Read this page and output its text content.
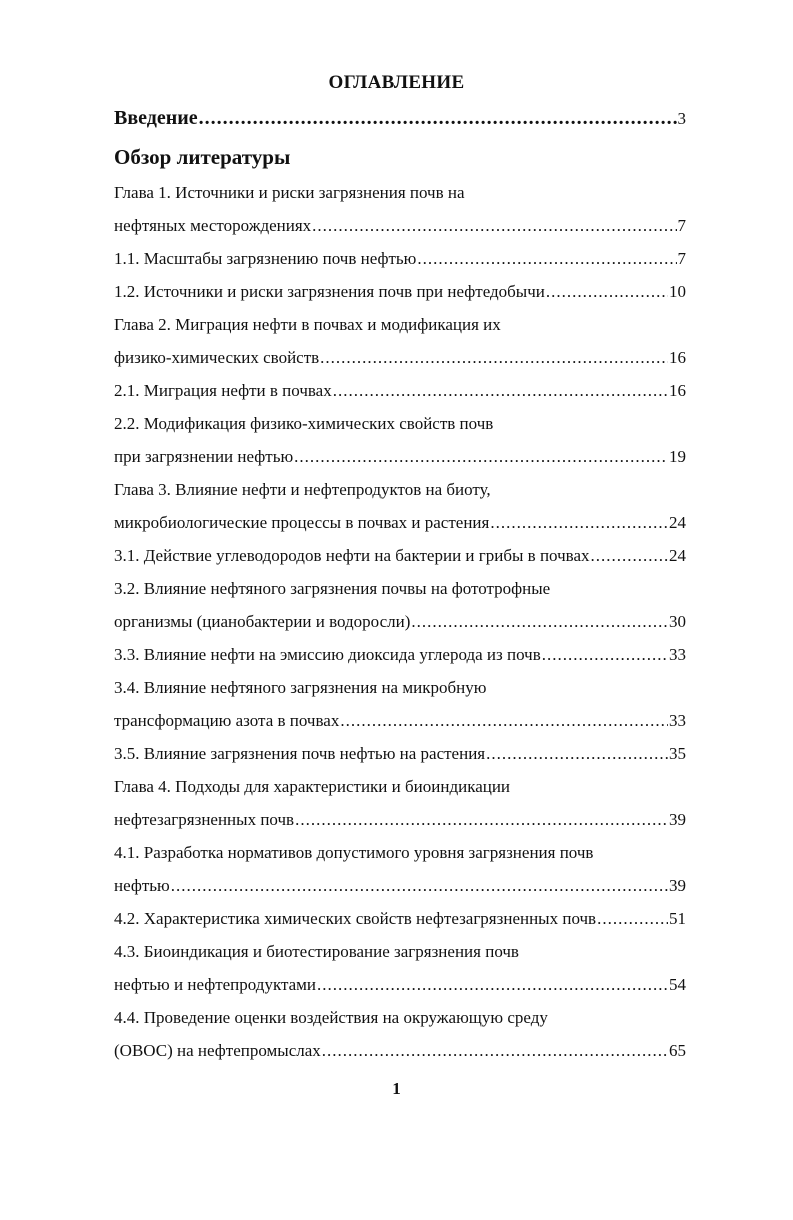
ОГЛАВЛЕНИЕ
Введение .....	3
Обзор литературы
Глава 1. Источники и риски загрязнения почв на
нефтяных месторождениях .....	7
1.1. Масштабы загрязнению почв нефтью .....	7
1.2. Источники и риски загрязнения почв при нефтедобычи .....	10
Глава 2. Миграция нефти в почвах и модификация их
физико-химических свойств .....	16
2.1. Миграция нефти в почвах .....	16
2.2. Модификация физико-химических свойств почв
при загрязнении нефтью .....	19
Глава 3. Влияние нефти и нефтепродуктов на биоту,
микробиологические процессы в почвах и растения .....	24
3.1. Действие углеводородов нефти на бактерии и грибы в почвах .....	24
3.2. Влияние нефтяного загрязнения почвы на фототрофные
организмы (цианобактерии и водоросли) .....	30
3.3. Влияние нефти на эмиссию диоксида углерода из почв .....	33
3.4. Влияние нефтяного загрязнения на микробную
трансформацию азота в почвах .....	33
3.5. Влияние загрязнения почв нефтью на растения .....	35
Глава 4. Подходы для характеристики и биоиндикации
нефтезагрязненных почв .....	39
4.1. Разработка нормативов допустимого уровня загрязнения почв
нефтью .....	39
4.2. Характеристика химических свойств нефтезагрязненных почв .....	51
4.3. Биоиндикация и биотестирование загрязнения почв
нефтью и нефтепродуктами .....	54
4.4. Проведение оценки воздействия на окружающую среду
(ОВОС) на нефтепромыслах .....	65
1
